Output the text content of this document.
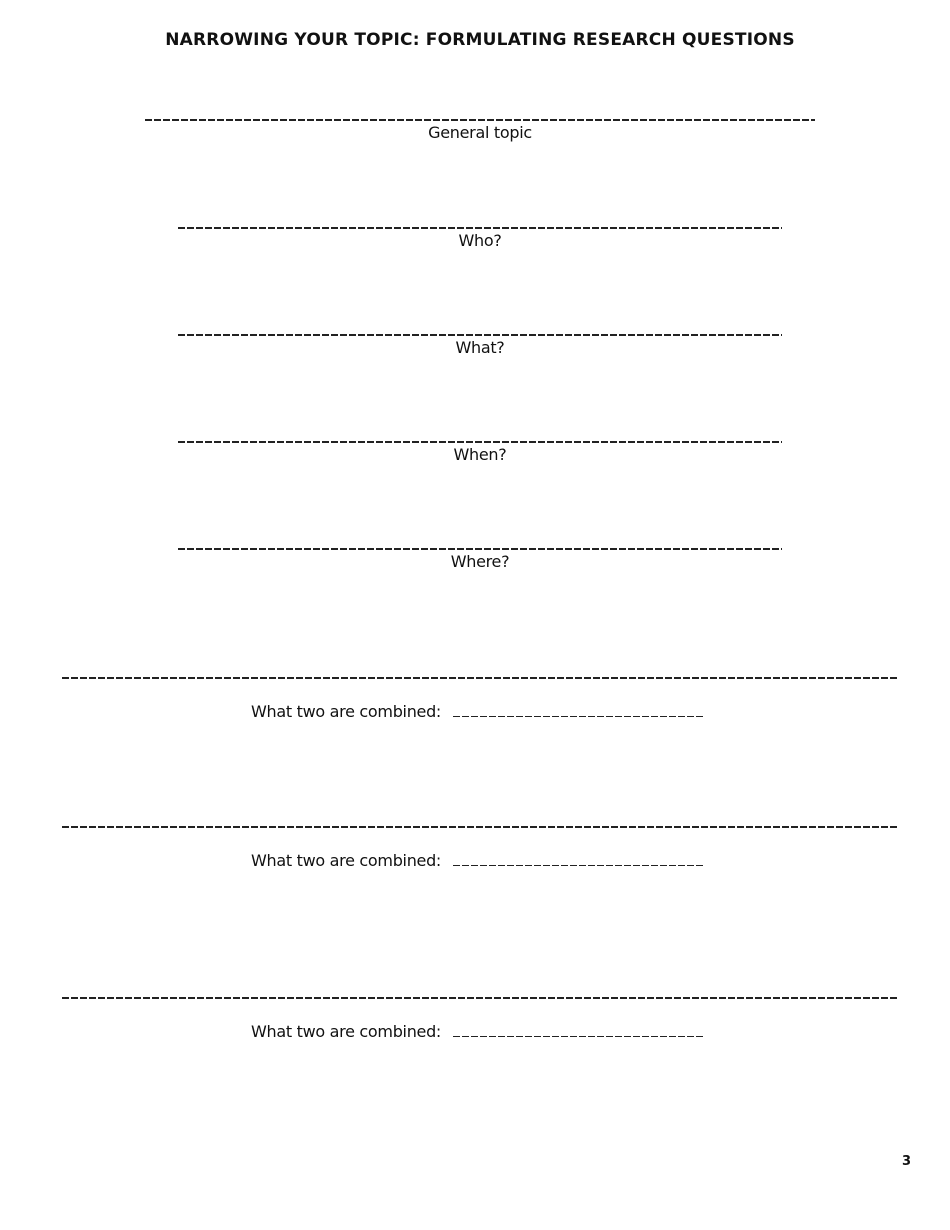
NARROWING YOUR TOPIC: FORMULATING RESEARCH QUESTIONS
General topic
Who?
What?
When?
Where?
What two are combined:
What two are combined:
What two are combined:
3
